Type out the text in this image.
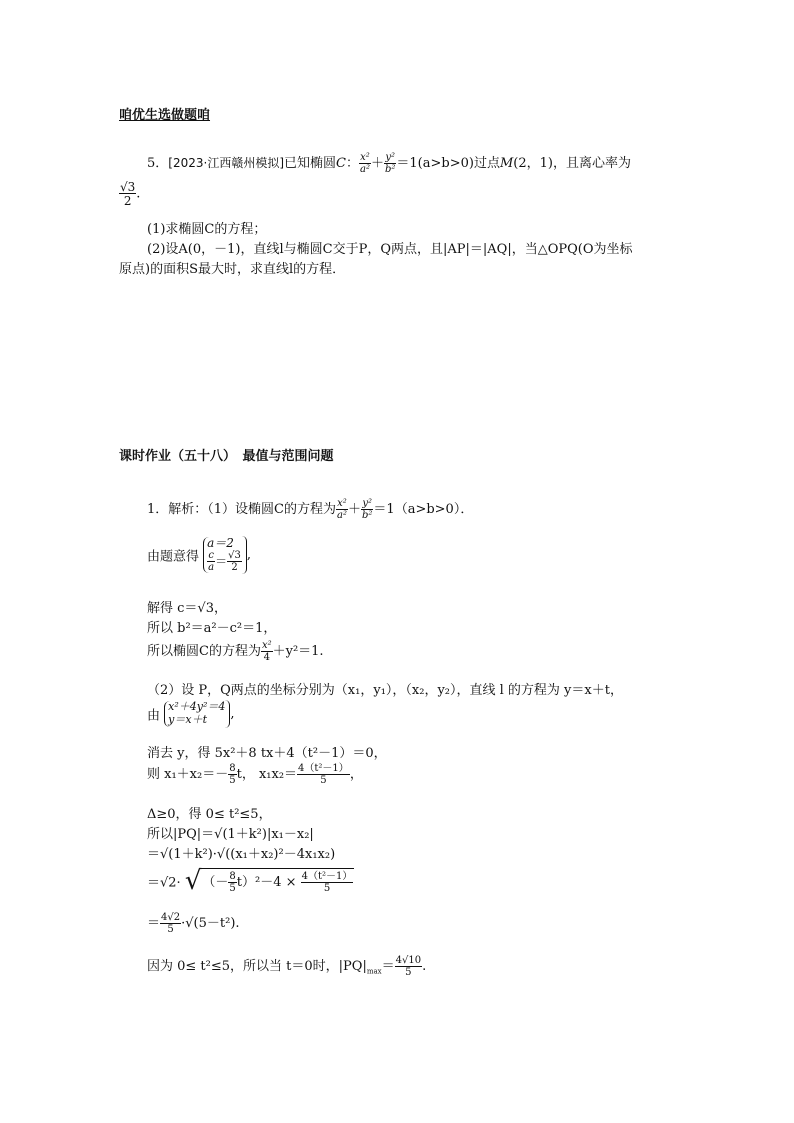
咱优生选做题咱
5．[2023·江西赣州模拟]已知椭圆C： $\frac{\text{x²}}{\text{a²}} + \frac{\text{y²}}{\text{b²}} =1(a>b>0)$过点M(2，1)，且离心率为
$\frac{√3}{2}$ .
(1)求椭圆C的方程；
(2)设A(0，－1)，直线l与椭圆C交于P，Q两点，且|AP|＝|AQ|，当△OPQ(O为坐标
原点)的面积S最大时，求直线l的方程．
课时作业（五十八）　最值与范围问题
1．解析：（1）设椭圆C的方程为 $\frac{\text{x²}}{\text{a²}} + \frac{\text{y²}}{\text{b²}} =1(a>b>0)$．
由题意得 a＝2

$\frac{c}{a} = \frac{√3}{2}$ ,
解得 c＝√3，
所以 b²＝a²－c²＝1，
所以椭圆C的方程为 $\frac{\text{x²}}{4} +y^2=1$.
（2）设 P，Q两点的坐标分别为（x₁，y₁），（x₂，y₂），直线 l 的方程为 y＝x＋t，
由 x²＋4y²＝4
y＝x＋t ,
消去 y，得 5x²＋8 tx＋4（t²－1）＝0，
则 $x_1+x_2=- \frac{8}{5}$ t， $x_1x_2= \frac{\text{4（t²－1）}}{5}$ ，
Δ≥0，得 0≤ t²≤5，
所以|PQ|＝√(1＋k²)|x₁－x₂|
＝√(1＋k²)·√((x₁＋x₂)²－4x₁x₂)
＝√2· √（－ $\frac{8}{5} t)^2-4 \times \frac{\text{4（t²－1）}}{5}$
＝ $\frac{4√2}{5} \cdot√(5-t^2)$.
因为 0≤ t²≤5，所以当 t＝0时，$|PQ|_{max}= \frac{4√10}{5}$ .
